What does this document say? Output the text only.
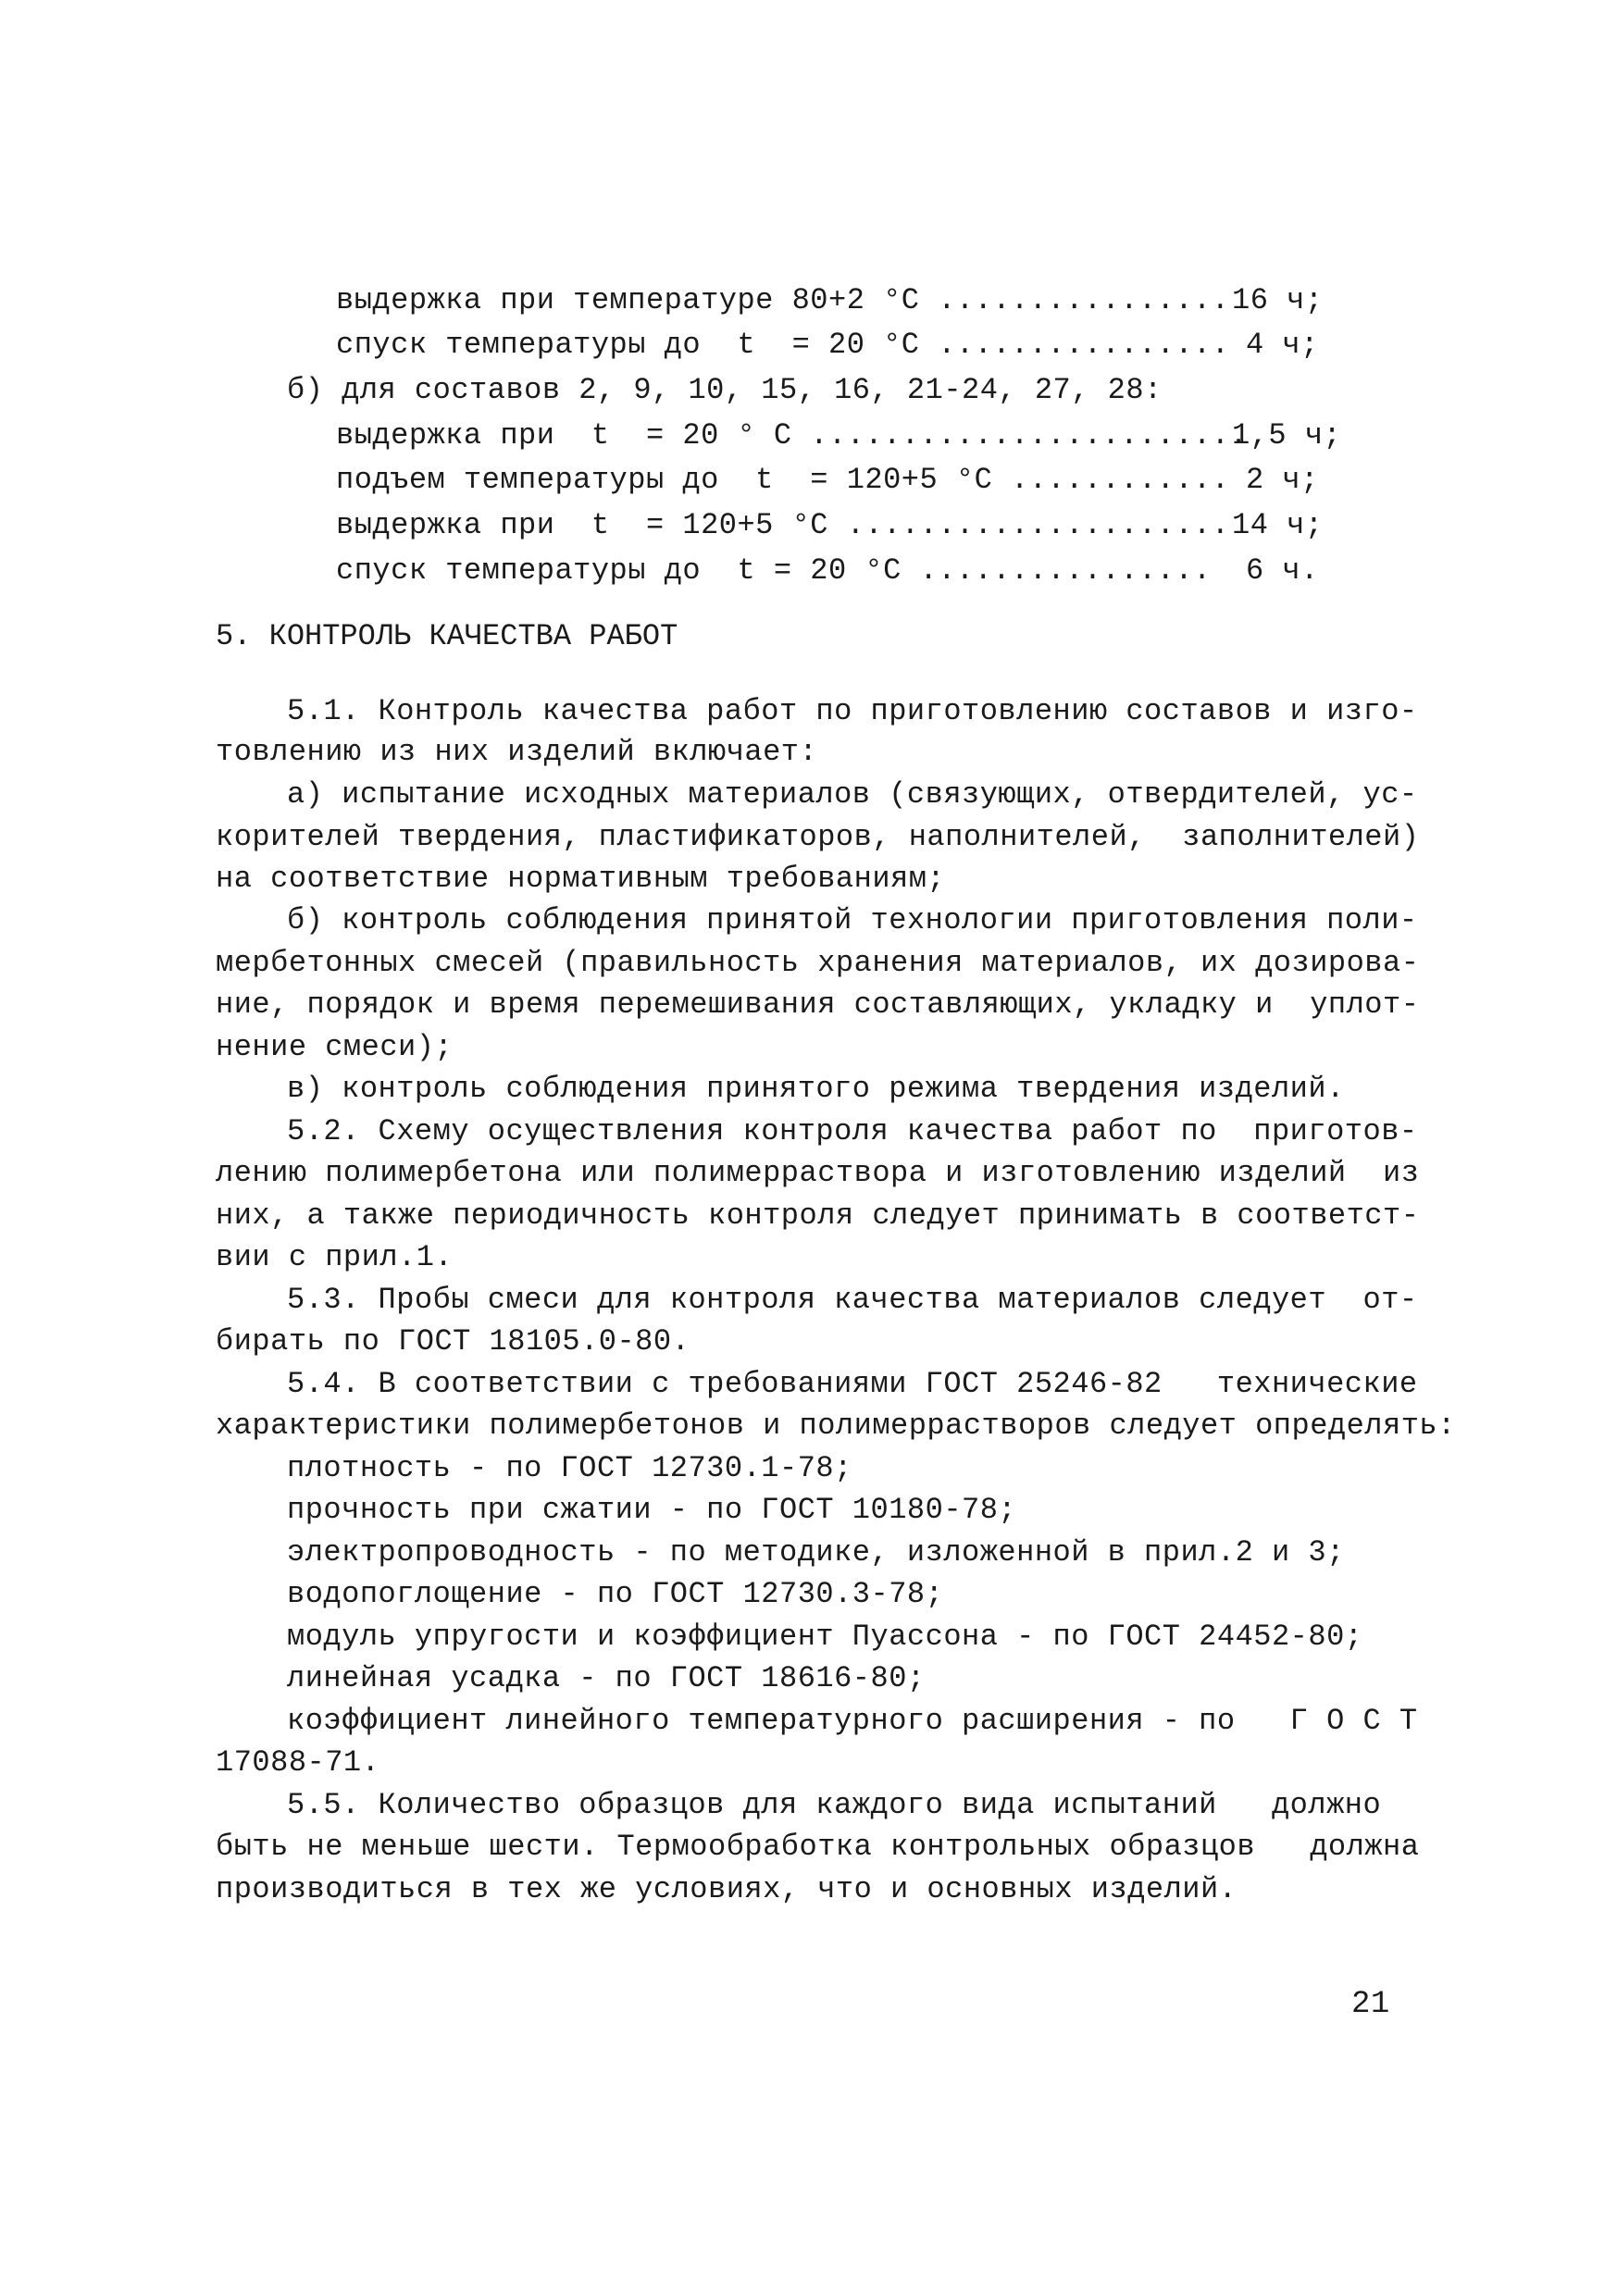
выдержка при температуре 80+2 °С ................ 16 ч;
спуск температуры до  t  = 20 °С ................ 4 ч;
б) для составов 2, 9, 10, 15, 16, 21-24, 27, 28:
выдержка при  t  = 20 ° С ........................
1,5 ч;
подъем температуры до  t  = 120+5 °С ............ 2 ч;
выдержка при  t  = 120+5 °С ..................... 14 ч;
спуск температуры до  t = 20 °С ................ 6 ч.
5. КОНТРОЛЬ КАЧЕСТВА РАБОТ
5.1. Контроль качества работ по приготовлению составов и изго-
товлению из них изделий включает:
а) испытание исходных материалов (связующих, отвердителей, ус-
корителей твердения, пластификаторов, наполнителей,  заполнителей)
на соответствие нормативным требованиям;
б) контроль соблюдения принятой технологии приготовления поли-
мербетонных смесей (правильность хранения материалов, их дозирова-
ние, порядок и время перемешивания составляющих, укладку и  уплот-
нение смеси);
в) контроль соблюдения принятого режима твердения изделий.
5.2. Схему осуществления контроля качества работ по  приготов-
лению полимербетона или полимерраствора и изготовлению изделий  из
них, а также периодичность контроля следует принимать в соответст-
вии с прил.1.
5.3. Пробы смеси для контроля качества материалов следует  от-
бирать по ГОСТ 18105.0-80.
5.4. В соответствии с требованиями ГОСТ 25246-82   технические
характеристики полимербетонов и полимеррастворов следует определять:
плотность - по ГОСТ 12730.1-78;
прочность при сжатии - по ГОСТ 10180-78;
электропроводность - по методике, изложенной в прил.2 и 3;
водопоглощение - по ГОСТ 12730.3-78;
модуль упругости и коэффициент Пуассона - по ГОСТ 24452-80;
линейная усадка - по ГОСТ 18616-80;
коэффициент линейного температурного расширения - по   Г О С Т
17088-71.
5.5. Количество образцов для каждого вида испытаний   должно
быть не меньше шести. Термообработка контрольных образцов   должна
производиться в тех же условиях, что и основных изделий.
21
